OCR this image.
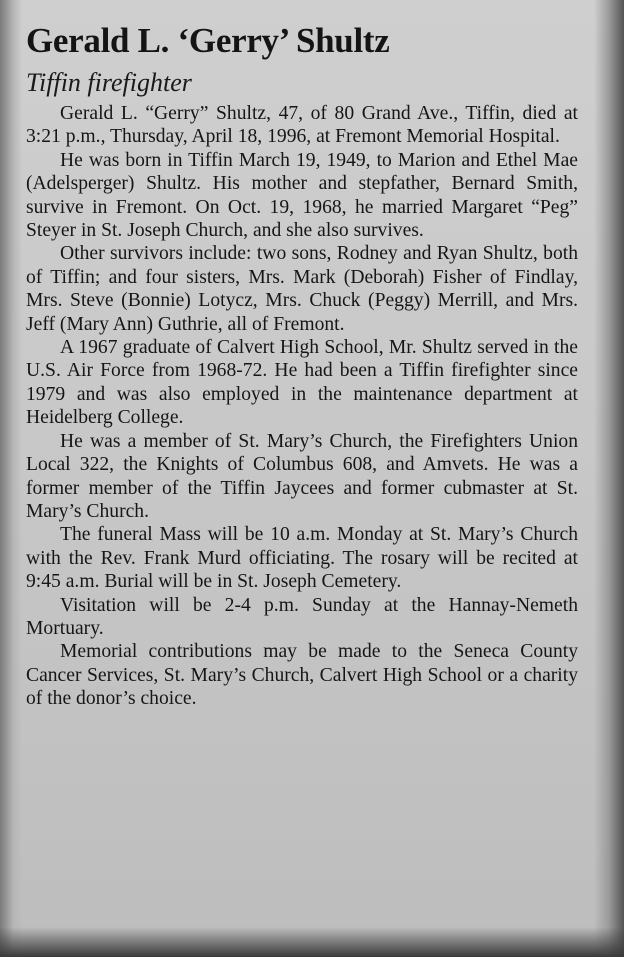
Gerald L. ‘Gerry’ Shultz
Tiffin firefighter

Gerald L. “Gerry” Shultz, 47, of 80 Grand Ave., Tiffin, died at 3:21 p.m., Thursday, April 18, 1996, at Fremont Memorial Hospital.

He was born in Tiffin March 19, 1949, to Marion and Ethel Mae (Adelsperger) Shultz. His mother and stepfather, Bernard Smith, survive in Fremont. On Oct. 19, 1968, he married Margaret “Peg” Steyer in St. Joseph Church, and she also survives.

Other survivors include: two sons, Rodney and Ryan Shultz, both of Tiffin; and four sisters, Mrs. Mark (Deborah) Fisher of Findlay, Mrs. Steve (Bonnie) Lotycz, Mrs. Chuck (Peggy) Merrill, and Mrs. Jeff (Mary Ann) Guthrie, all of Fremont.

A 1967 graduate of Calvert High School, Mr. Shultz served in the U.S. Air Force from 1968-72. He had been a Tiffin firefighter since 1979 and was also employed in the maintenance department at Heidelberg College.

He was a member of St. Mary’s Church, the Firefighters Union Local 322, the Knights of Columbus 608, and Amvets. He was a former member of the Tiffin Jaycees and former cubmaster at St. Mary’s Church.

The funeral Mass will be 10 a.m. Monday at St. Mary’s Church with the Rev. Frank Murd officiating. The rosary will be recited at 9:45 a.m. Burial will be in St. Joseph Cemetery.

Visitation will be 2-4 p.m. Sunday at the Hannay-Nemeth Mortuary.

Memorial contributions may be made to the Seneca County Cancer Services, St. Mary’s Church, Calvert High School or a charity of the donor’s choice.
